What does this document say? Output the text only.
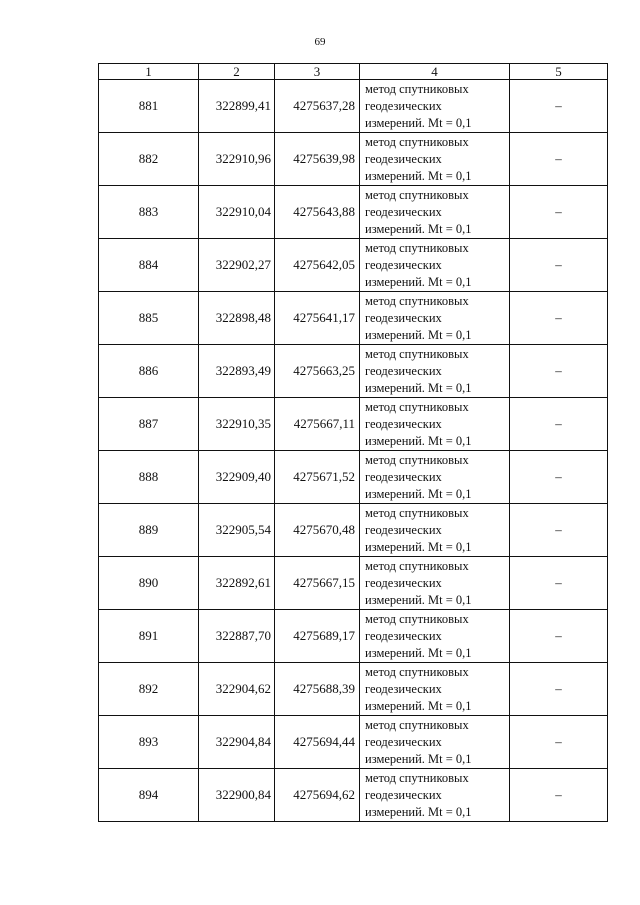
69
1	2	3	4	5
881	322899,41	4275637,28	метод спутниковых
геодезических
измерений. Mt = 0,1	–
882	322910,96	4275639,98	метод спутниковых
геодезических
измерений. Mt = 0,1	–
883	322910,04	4275643,88	метод спутниковых
геодезических
измерений. Mt = 0,1	–
884	322902,27	4275642,05	метод спутниковых
геодезических
измерений. Mt = 0,1	–
885	322898,48	4275641,17	метод спутниковых
геодезических
измерений. Mt = 0,1	–
886	322893,49	4275663,25	метод спутниковых
геодезических
измерений. Mt = 0,1	–
887	322910,35	4275667,11	метод спутниковых
геодезических
измерений. Mt = 0,1	–
888	322909,40	4275671,52	метод спутниковых
геодезических
измерений. Mt = 0,1	–
889	322905,54	4275670,48	метод спутниковых
геодезических
измерений. Mt = 0,1	–
890	322892,61	4275667,15	метод спутниковых
геодезических
измерений. Mt = 0,1	–
891	322887,70	4275689,17	метод спутниковых
геодезических
измерений. Mt = 0,1	–
892	322904,62	4275688,39	метод спутниковых
геодезических
измерений. Mt = 0,1	–
893	322904,84	4275694,44	метод спутниковых
геодезических
измерений. Mt = 0,1	–
894	322900,84	4275694,62	метод спутниковых
геодезических
измерений. Mt = 0,1	–
